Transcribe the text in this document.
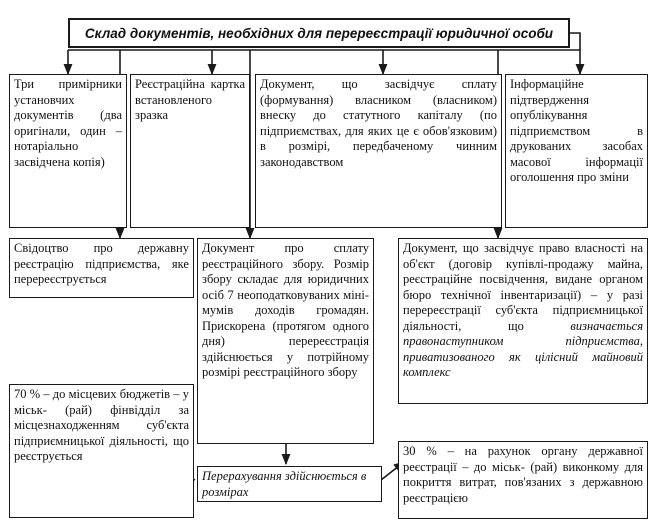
Склад документів, необхідних для перереєстрації юридичної особи
Три примірники установчих документів (два оригінали, один – нотаріально засвідчена копія)
Реєстраційна картка встановленого зразка
Документ, що засвідчує сплату (формування) власником (власником) внеску до статутного капіталу (по підприємствах, для яких це є обов'язковим) в розмірі, передбаченому чинним законодавством
Інформаційне підтвердження опублікування підприємством в друкованих засобах масової інформації оголошення про зміни
Свідоцтво про державну реєстрацію підприємства, яке перереєструється
Документ про сплату реєстраційного збору. Розмір збору складає для юридичних осіб 7 неоподатковуваних міні-мумів доходів громадян. Прискорена (протягом одного дня) перереєстрація здійснюється у потрійному розмірі реєстраційного збору
Документ, що засвідчує право власності на об'єкт (договір купівлі-продажу майна, реєстраційне посвідчення, видане органом бюро технічної інвентаризації) – у разі перереєстрації суб'єкта підприємницької діяльності, що визначається правонаступником підприємства, приватизованого як цілісний майновий комплекс
70 % – до місцевих бюджетів – у міськ- (рай) фінвідділ за місцезнаходженням суб'єкта підприємницької діяльності, що реєструється
Перерахування здійснюється в розмірах
30 % – на рахунок органу державної реєстрації – до міськ- (рай) виконкому для покриття витрат, пов'язаних з державною реєстрацією
